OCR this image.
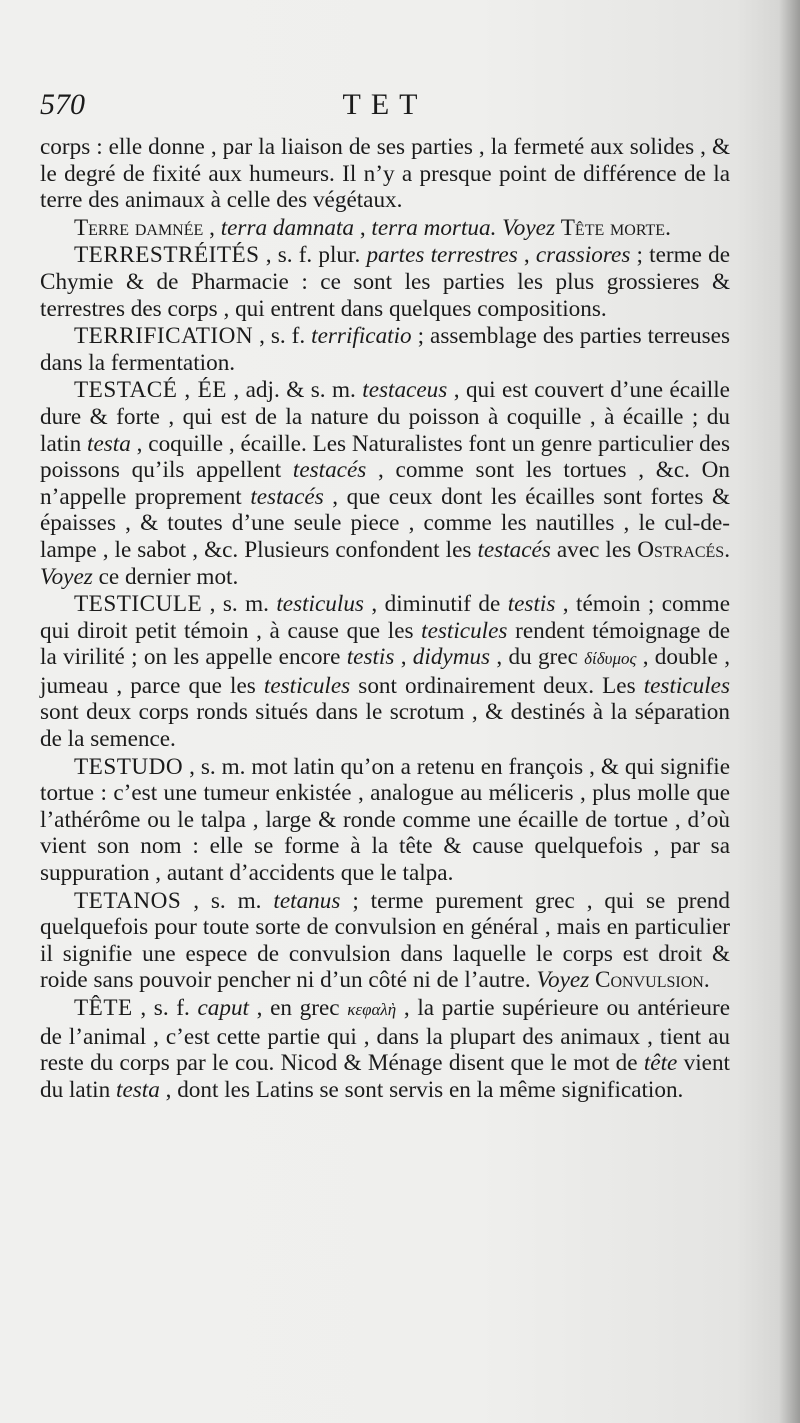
570	TET

corps : elle donne , par la liaison de ses parties , la fermeté aux solides , & le degré de fixité aux humeurs. Il n’y a presque point de différence de la terre des animaux à celle des végétaux.

Terre damnée , terra damnata , terra mortua. Voyez Tête morte.

TERRESTRÉITÉS , s. f. plur. partes terrestres , crassiores ; terme de Chymie & de Pharmacie : ce sont les parties les plus grossieres & terrestres des corps , qui entrent dans quelques compositions.

TERRIFICATION , s. f. terrificatio ; assemblage des parties terreuses dans la fermentation.

TESTACÉ , ÉE , adj. & s. m. testaceus , qui est couvert d’une écaille dure & forte , qui est de la nature du poisson à coquille , à écaille ; du latin testa , coquille , écaille. Les Naturalistes font un genre particulier des poissons qu’ils appellent testacés , comme sont les tortues , &c. On n’appelle proprement testacés , que ceux dont les écailles sont fortes & épaisses , & toutes d’une seule piece , comme les nautilles , le cul-de-lampe , le sabot , &c. Plusieurs confondent les testacés avec les Ostracés. Voyez ce dernier mot.

TESTICULE , s. m. testiculus , diminutif de testis , témoin ; comme qui diroit petit témoin , à cause que les testicules rendent témoignage de la virilité ; on les appelle encore testis , didymus , du grec δίδυμος , double , jumeau , parce que les testicules sont ordinairement deux. Les testicules sont deux corps ronds situés dans le scrotum , & destinés à la séparation de la semence.

TESTUDO , s. m. mot latin qu’on a retenu en françois , & qui signifie tortue : c’est une tumeur enkistée , analogue au méliceris , plus molle que l’athérôme ou le talpa , large & ronde comme une écaille de tortue , d’où vient son nom : elle se forme à la tête & cause quelquefois , par sa suppuration , autant d’accidents que le talpa.

TETANOS , s. m. tetanus ; terme purement grec , qui se prend quelquefois pour toute sorte de convulsion en général , mais en particulier il signifie une espece de convulsion dans laquelle le corps est droit & roide sans pouvoir pencher ni d’un côté ni de l’autre. Voyez Convulsion.

TÊTE , s. f. caput , en grec κεφαλὴ , la partie supérieure ou antérieure de l’animal , c’est cette partie qui , dans la plupart des animaux , tient au reste du corps par le cou. Nicod & Ménage disent que le mot de tête vient du latin testa , dont les Latins se sont servis en la même signification.
